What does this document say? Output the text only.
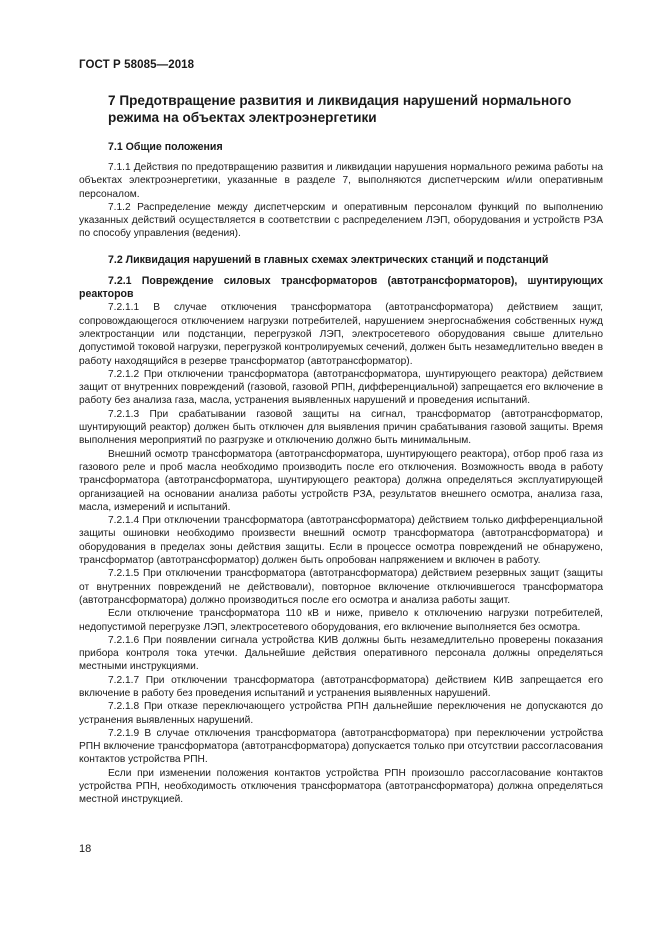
ГОСТ Р 58085—2018
7 Предотвращение развития и ликвидация нарушений нормального режима на объектах электроэнергетики
7.1 Общие положения

7.1.1 Действия по предотвращению развития и ликвидации нарушения нормального режима работы на объектах электроэнергетики, указанные в разделе 7, выполняются диспетчерским и/или оперативным персоналом.

7.1.2 Распределение между диспетчерским и оперативным персоналом функций по выполнению указанных действий осуществляется в соответствии с распределением ЛЭП, оборудования и устройств РЗА по способу управления (ведения).

7.2 Ликвидация нарушений в главных схемах электрических станций и подстанций
7.2.1 Повреждение силовых трансформаторов (автотрансформаторов), шунтирующих реакторов

7.2.1.1 В случае отключения трансформатора (автотрансформатора) действием защит, сопровождающегося отключением нагрузки потребителей, нарушением энергоснабжения собственных нужд электростанции или подстанции, перегрузкой ЛЭП, электросетевого оборудования свыше длительно допустимой токовой нагрузки, перегрузкой контролируемых сечений, должен быть незамедлительно введен в работу находящийся в резерве трансформатор (автотрансформатор).

7.2.1.2 При отключении трансформатора (автотрансформатора, шунтирующего реактора) действием защит от внутренних повреждений (газовой, газовой РПН, дифференциальной) запрещается его включение в работу без анализа газа, масла, устранения выявленных нарушений и проведения испытаний.

7.2.1.3 При срабатывании газовой защиты на сигнал, трансформатор (автотрансформатор, шунтирующий реактор) должен быть отключен для выявления причин срабатывания газовой защиты. Время выполнения мероприятий по разгрузке и отключению должно быть минимальным.

Внешний осмотр трансформатора (автотрансформатора, шунтирующего реактора), отбор проб газа из газового реле и проб масла необходимо производить после его отключения. Возможность ввода в работу трансформатора (автотрансформатора, шунтирующего реактора) должна определяться эксплуатирующей организацией на основании анализа работы устройств РЗА, результатов внешнего осмотра, анализа газа, масла, измерений и испытаний.

7.2.1.4 При отключении трансформатора (автотрансформатора) действием только дифференциальной защиты ошиновки необходимо произвести внешний осмотр трансформатора (автотрансформатора) и оборудования в пределах зоны действия защиты. Если в процессе осмотра повреждений не обнаружено, трансформатор (автотрансформатор) должен быть опробован напряжением и включен в работу.

7.2.1.5 При отключении трансформатора (автотрансформатора) действием резервных защит (защиты от внутренних повреждений не действовали), повторное включение отключившегося трансформатора (автотрансформатора) должно производиться после его осмотра и анализа работы защит.

Если отключение трансформатора 110 кВ и ниже, привело к отключению нагрузки потребителей, недопустимой перегрузке ЛЭП, электросетевого оборудования, его включение выполняется без осмотра.

7.2.1.6 При появлении сигнала устройства КИВ должны быть незамедлительно проверены показания прибора контроля тока утечки. Дальнейшие действия оперативного персонала должны определяться местными инструкциями.

7.2.1.7 При отключении трансформатора (автотрансформатора) действием КИВ запрещается его включение в работу без проведения испытаний и устранения выявленных нарушений.

7.2.1.8 При отказе переключающего устройства РПН дальнейшие переключения не допускаются до устранения выявленных нарушений.

7.2.1.9 В случае отключения трансформатора (автотрансформатора) при переключении устройства РПН включение трансформатора (автотрансформатора) допускается только при отсутствии рассогласования контактов устройства РПН.

Если при изменении положения контактов устройства РПН произошло рассогласование контактов устройства РПН, необходимость отключения трансформатора (автотрансформатора) должна определяться местной инструкцией.

18
